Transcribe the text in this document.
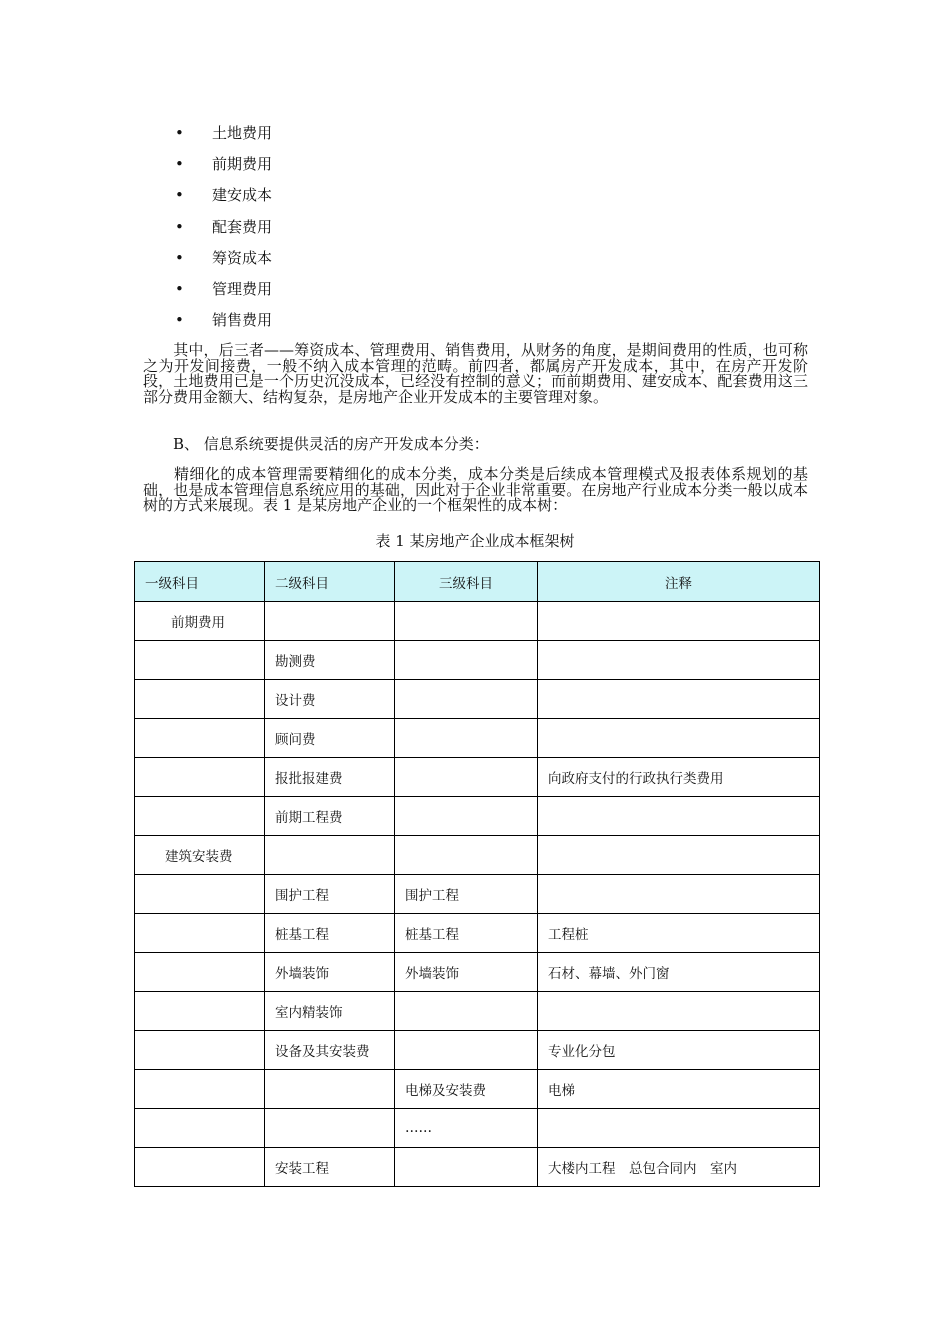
• 土地费用
• 前期费用
• 建安成本
• 配套费用
• 筹资成本
• 管理费用
• 销售费用

　　其中，后三者——筹资成本、管理费用、销售费用，从财务的角度，是期间费用的性质，也可称之为开发间接费，一般不纳入成本管理的范畴。前四者，都属房产开发成本，其中，在房产开发阶段，土地费用已是一个历史沉没成本，已经没有控制的意义；而前期费用、建安成本、配套费用这三部分费用金额大、结构复杂，是房地产企业开发成本的主要管理对象。

　　B、 信息系统要提供灵活的房产开发成本分类：

　　精细化的成本管理需要精细化的成本分类，成本分类是后续成本管理模式及报表体系规划的基础，也是成本管理信息系统应用的基础，因此对于企业非常重要。在房地产行业成本分类一般以成本树的方式来展现。表 1 是某房地产企业的一个框架性的成本树：

表 1 某房地产企业成本框架树

一级科目	二级科目	三级科目	注释
前期费用			
	勘测费		
	设计费		
	顾问费		
	报批报建费		向政府支付的行政执行类费用
	前期工程费		
建筑安装费			
	围护工程	围护工程	
	桩基工程	桩基工程	工程桩
	外墙装饰	外墙装饰	石材、幕墙、外门窗
	室内精装饰		
	设备及其安装费		专业化分包
		电梯及安装费	电梯
		……	
	安装工程		大楼内工程　总包合同内　室内
